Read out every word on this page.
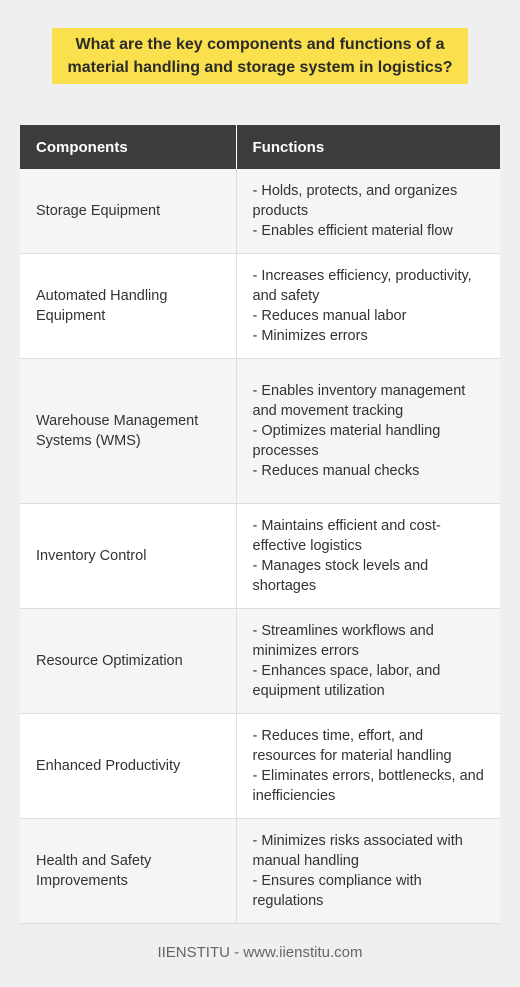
What are the key components and functions of a material handling and storage system in logistics?
Components	Functions
Storage Equipment	- Holds, protects, and organizes products
- Enables efficient material flow

Automated Handling Equipment	- Increases efficiency, productivity, and safety
- Reduces manual labor
- Minimizes errors

Warehouse Management Systems (WMS)	- Enables inventory management and movement tracking
- Optimizes material handling processes
- Reduces manual checks

Inventory Control	- Maintains efficient and cost-effective logistics
- Manages stock levels and shortages

Resource Optimization	- Streamlines workflows and minimizes errors
- Enhances space, labor, and equipment utilization

Enhanced Productivity	- Reduces time, effort, and resources for material handling
- Eliminates errors, bottlenecks, and inefficiencies

Health and Safety Improvements	- Minimizes risks associated with manual handling
- Ensures compliance with regulations
IIENSTITU - www.iienstitu.com
